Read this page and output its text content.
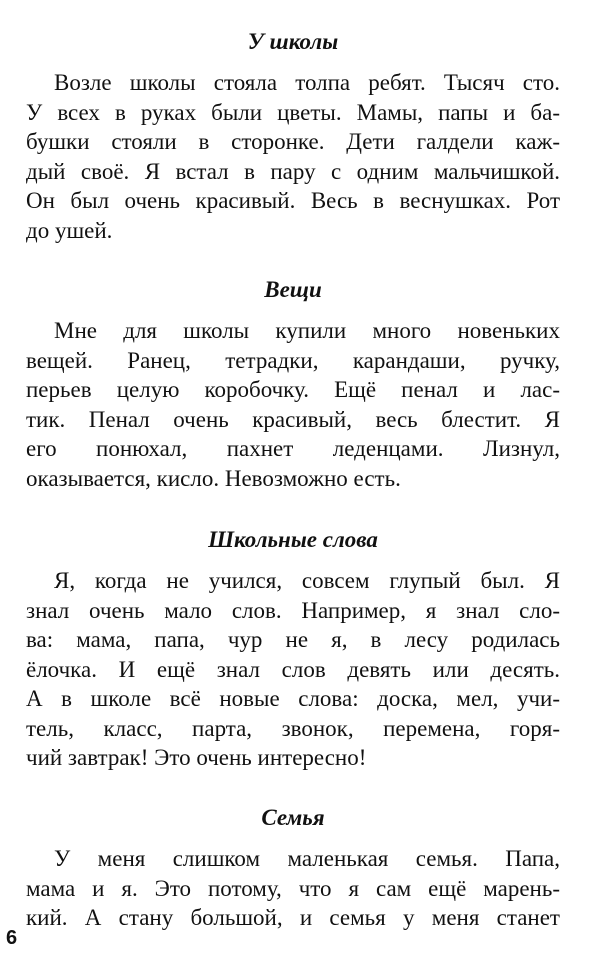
У школы

Возле школы стояла толпа ребят. Тысяч сто.

У всех в руках были цветы. Мамы, папы и ба-

бушки стояли в сторонке. Дети галдели каж-

дый своё. Я встал в пару с одним мальчишкой.

Он был очень красивый. Весь в веснушках. Рот

до ушей.

Вещи

Мне для школы купили много новеньких

вещей. Ранец, тетрадки, карандаши, ручку,

перьев целую коробочку. Ещё пенал и лас-

тик. Пенал очень красивый, весь блестит. Я

его понюхал, пахнет леденцами. Лизнул,

оказывается, кисло. Невозможно есть.

Школьные слова

Я, когда не учился, совсем глупый был. Я

знал очень мало слов. Например, я знал сло-

ва: мама, папа, чур не я, в лесу родилась

ёлочка. И ещё знал слов девять или десять.

А в школе всё новые слова: доска, мел, учи-

тель, класс, парта, звонок, перемена, горя-

чий завтрак! Это очень интересно!

Семья

У меня слишком маленькая семья. Папа,

мама и я. Это потому, что я сам ещё марень-

кий. А стану большой, и семья у меня станет

6
